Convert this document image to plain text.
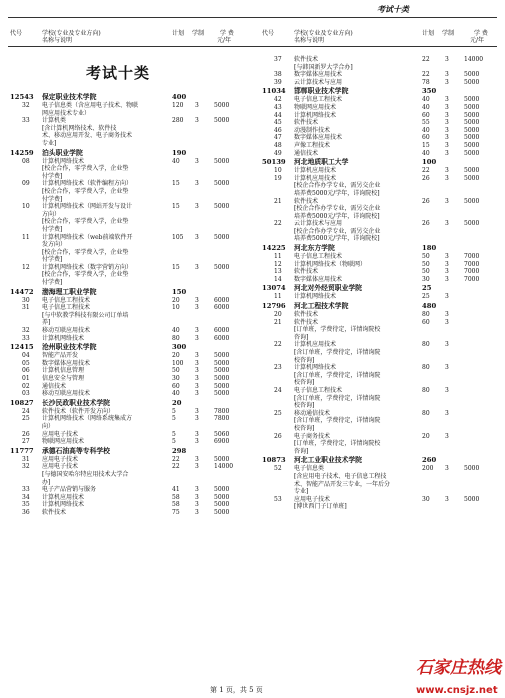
考试十类
代号	学校(专业及专业方向)
名称与说明
计划 学制	学 费
元/年
代号	学校(专业及专业方向)
名称与说明
计划 学制	学 费
元/年
考试十类
12543 保定职业技术学院	400

32 电子信息类（含应用电子技术、物联
网应用技术专业）

120 3	5000
33 计算机类
[含计算机网络技术、软件技
术、移动应用开发、电子商务技术
专业]

280 3	5000
14259 泊头职业学院	190

08 计算机网络技术
[校企合作，零学费入学，企业垫
付学费]

40	3	5000
09 计算机网络技术（软件编程方向）
[校企合作，零学费入学，企业垫
付学费]

15	3	5000
10 计算机网络技术（网站开发与设计
方向）
[校企合作，零学费入学，企业垫
付学费]

15	3	5000
11 计算机网络技术（web前端软件开
发方向）
[校企合作，零学费入学，企业垫
付学费]

105 3	5000
12 计算机网络技术（数字营销方向）
[校企合作，零学费入学，企业垫
付学费]

15	3	5000
14472 渤海理工职业学院	150

30 电子信息工程技术	20	3	6000
31 电子信息工程技术
[与中软教学科技有限公司订单培
养]

10	3	6000
32 移动互联应用技术	40	3	6000
33 计算机网络技术	80	3	6000
12415 沧州职业技术学院	300

04 智能产品开发	20	3	5000
05 数字媒体应用技术	100 3	5000
06 计算机信息管理	50	3	5000
01 信息安全与管理	30	3	5000
02 通信技术	60	3	5000
03 移动互联应用技术	40	3	5000
10827 长沙民政职业技术学院	20

24 软件技术（软件开发方向）	5	3	7800
25 计算机网络技术（网络系统集成方
向）

5	3	7800
26 应用电子技术	5	3	5060
27 物联网应用技术	5	3	6900
11777 承德石油高等专科学校	298

31 应用电子技术	22	3	5000
32 应用电子技术
[与德国安哈尔特应用技术大学合
办]

22	3	14000
33 电子产品营销与服务	41	3	5000
34 计算机应用技术	58	3	5000
35 计算机网络技术	58	3	5000
36 软件技术	75	3	5000
37 软件技术
[与韩国新罗大学合办]

22	3	14000
38 数字媒体应用技术	22	3	5000
39 云计算技术与应用	78	3	5000
11034 邯郸职业技术学院	350

42 电子信息工程技术	40	3	5000
43 物联网应用技术	40	3	5000
44 计算机网络技术	60	3	5000
45 软件技术	55	3	5000
46 动漫制作技术	40	3	5000
47 数字媒体应用技术	60	3	5000
48 声像工程技术	15	3	5000
49 通信技术	40	3	5000
50139 河北地质职工大学	100

10 计算机应用技术	22	3	5000
19 计算机应用技术
[校企合作办学专业，需另交企业
培养费5000元/学年，详询院校]

26	3	5000
21 软件技术
[校企合作办学专业，需另交企业
培养费5000元/学年，详询院校]

26	3	5000
22 云计算技术与应用
[校企合作办学专业，需另交企业
培养费5000元/学年，详询院校]

26	3	5000
14225 河北东方学院	180

11 电子信息工程技术	50	3	7000
12 计算机网络技术（物联网）	50	3	7000
13 软件技术	50	3	7000
14 数字媒体应用技术	30	3	7000
13074 河北对外经贸职业学院	25

11 计算机网络技术	25	3
12796 河北工程技术学院	480

20 软件技术	80	3
21 软件技术
[订单班，学费待定，详情询院校
咨询]

60	3
22 计算机应用技术
[含订单班，学费待定，详情询院
校咨询]

80	3
23 计算机网络技术
[含订单班，学费待定，详情询院
校咨询]

80	3
24 电子信息工程技术
[含订单班，学费待定，详情询院
校咨询]

80	3
25 移动通信技术
[含订单班，学费待定，详情询院
校咨询]

80	3
26 电子商务技术
[订单班，学费待定，详情询院校
咨询]

20	3
10873 河北工业职业技术学院	260

52 电子信息类
[含应用电子技术、电子信息工程技
术、智能产品开发三专业，一年后分
专业]

200 3	5000
53 应用电子技术
[博世西门子订单班]

30	3	5000
第 1 页，共 5 页
石家庄热线
www.cnsjz.net
